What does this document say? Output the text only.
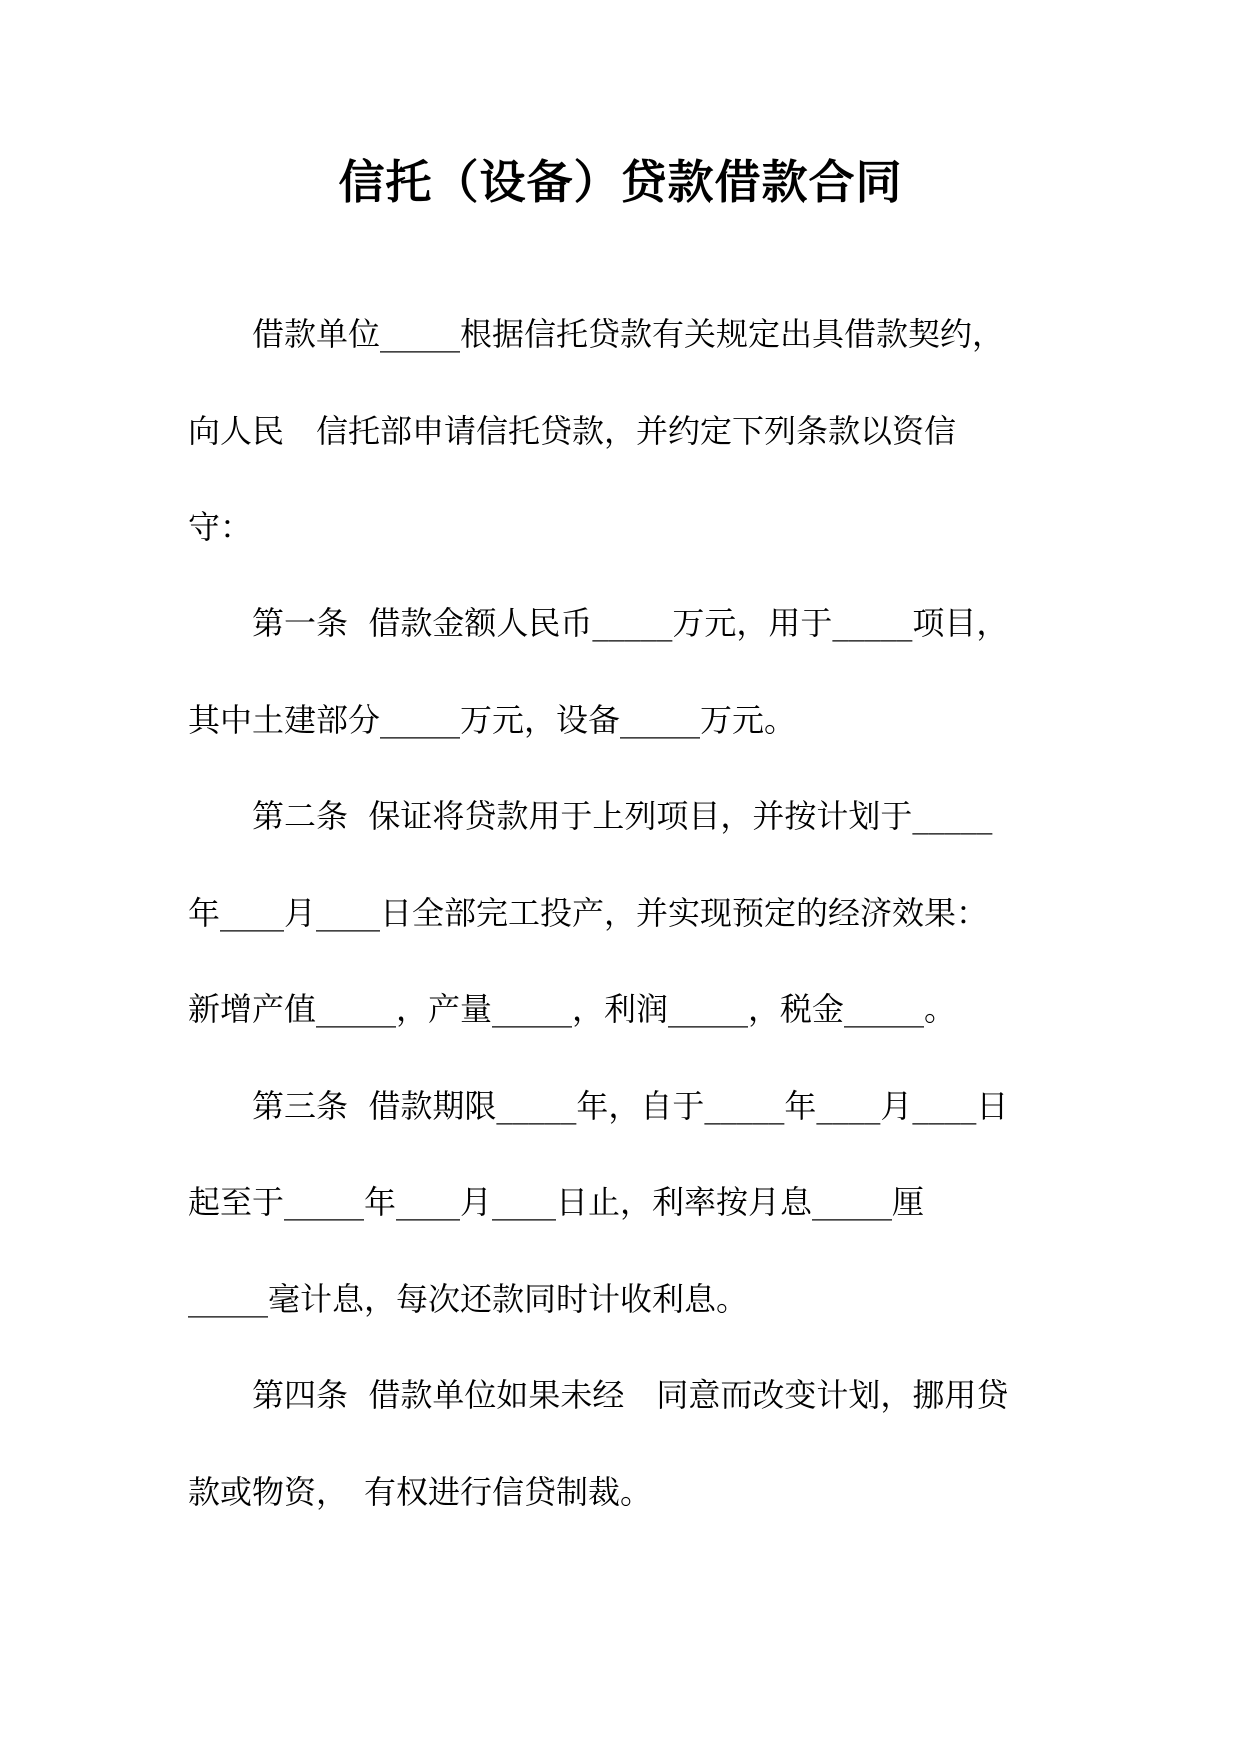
信托（设备）贷款借款合同

　　借款单位_____根据信托贷款有关规定出具借款契约，

向人民　信托部申请信托贷款，并约定下列条款以资信

守：

　　第一条  借款金额人民币_____万元，用于_____项目，

其中土建部分_____万元，设备_____万元。

　　第二条  保证将贷款用于上列项目，并按计划于_____

年____月____日全部完工投产，并实现预定的经济效果：

新增产值_____，产量_____，利润_____，税金_____。

　　第三条  借款期限_____年，自于_____年____月____日

起至于_____年____月____日止，利率按月息_____厘

_____毫计息，每次还款同时计收利息。

　　第四条  借款单位如果未经　同意而改变计划，挪用贷

款或物资，　有权进行信贷制裁。
